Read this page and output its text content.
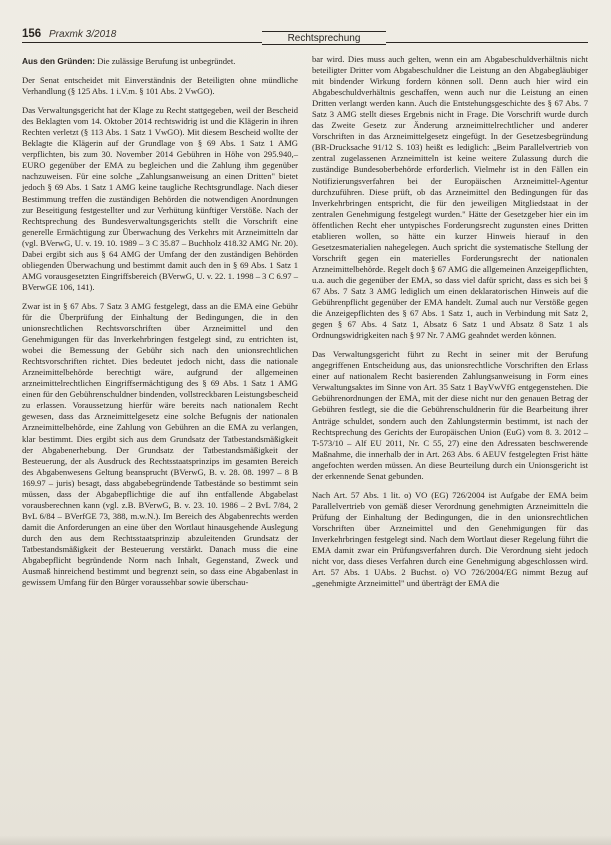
156 Praxmk 3/2018	Rechtsprechung

Aus den Gründen: Die zulässige Berufung ist unbegründet.

Der Senat entscheidet mit Einverständnis der Beteiligten ohne mündliche Verhandlung (§ 125 Abs. 1 i.V.m. § 101 Abs. 2 VwGO).

Das Verwaltungsgericht hat der Klage zu Recht stattgegeben, weil der Bescheid des Beklagten vom 14. Oktober 2014 rechtswidrig ist und die Klägerin in ihren Rechten verletzt (§ 113 Abs. 1 Satz 1 VwGO). Mit diesem Bescheid wollte der Beklagte die Klägerin auf der Grundlage von § 69 Abs. 1 Satz 1 AMG verpflichten, bis zum 30. November 2014 Gebühren in Höhe von 295.940,– EURO gegenüber der EMA zu begleichen und die Zahlung ihm gegenüber nachzuweisen. Für eine solche „Zahlungsanweisung an einen Dritten" bietet jedoch § 69 Abs. 1 Satz 1 AMG keine taugliche Rechtsgrundlage. Nach dieser Bestimmung treffen die zuständigen Behörden die notwendigen Anordnungen zur Beseitigung festgestellter und zur Verhütung künftiger Verstöße. Nach der Rechtsprechung des Bundesverwaltungsgerichts stellt die Vorschrift eine generelle Ermächtigung zur Überwachung des Verkehrs mit Arzneimitteln dar (vgl. BVerwG, U. v. 19. 10. 1989 – 3 C 35.87 – Buchholz 418.32 AMG Nr. 20). Dabei ergibt sich aus § 64 AMG der Umfang der den zuständigen Behörden obliegenden Überwachung und bestimmt damit auch den in § 69 Abs. 1 Satz 1 AMG vorausgesetzten Eingriffsbereich (BVerwG, U. v. 22. 1. 1998 – 3 C 6.97 – BVerwGE 106, 141).

Zwar ist in § 67 Abs. 7 Satz 3 AMG festgelegt, dass an die EMA eine Gebühr für die Überprüfung der Einhaltung der Bedingungen, die in den unionsrechtlichen Rechtsvorschriften über Arzneimittel und den Genehmigungen für das Inverkehrbringen festgelegt sind, zu entrichten ist, wobei die Bemessung der Gebühr sich nach den unionsrechtlichen Rechtsvorschriften richtet. Dies bedeutet jedoch nicht, dass die nationale Arzneimittelbehörde berechtigt wäre, aufgrund der allgemeinen arzneimittelrechtlichen Eingriffsermächtigung des § 69 Abs. 1 Satz 1 AMG einen für den Gebührenschuldner bindenden, vollstreckbaren Leistungsbescheid zu erlassen. Voraussetzung hierfür wäre bereits nach nationalem Recht gewesen, dass das Arzneimittelgesetz eine solche Befugnis der nationalen Arzneimittelbehörde, eine Zahlung von Gebühren an die EMA zu verlangen, klar bestimmt. Dies ergibt sich aus dem Grundsatz der Tatbestandsmäßigkeit der Abgabenerhebung. Der Grundsatz der Tatbestandsmäßigkeit der Besteuerung, der als Ausdruck des Rechtsstaatsprinzips im gesamten Bereich des Abgabenwesens Geltung beansprucht (BVerwG, B. v. 28. 08. 1997 – 8 B 169.97 – juris) besagt, dass abgabebegründende Tatbestände so bestimmt sein müssen, dass der Abgabepflichtige die auf ihn entfallende Abgabelast vorausberechnen kann (vgl. z.B. BVerwG, B. v. 23. 10. 1986 – 2 BvL 7/84, 2 BvL 6/84 – BVerfGE 73, 388, m.w.N.). Im Bereich des Abgabenrechts werden damit die Anforderungen an eine über den Wortlaut hinausgehende Auslegung durch den aus dem Rechtsstaatsprinzip abzuleitenden Grundsatz der Tatbestandsmäßigkeit der Besteuerung verstärkt. Danach muss die eine Abgabepflicht begründende Norm nach Inhalt, Gegenstand, Zweck und Ausmaß hinreichend bestimmt und begrenzt sein, so dass eine Abgabenlast in gewissem Umfang für den Bürger voraussehbar sowie überschau-

bar wird. Dies muss auch gelten, wenn ein am Abgabeschuldverhältnis nicht beteiligter Dritter vom Abgabeschuldner die Leistung an den Abgabegläubiger mit bindender Wirkung fordern können soll. Denn auch hier wird ein Abgabeschuldverhältnis geschaffen, wenn auch nur die Leistung an einen Dritten verlangt werden kann. Auch die Entstehungsgeschichte des § 67 Abs. 7 Satz 3 AMG stellt dieses Ergebnis nicht in Frage. Die Vorschrift wurde durch das Zweite Gesetz zur Änderung arzneimittelrechtlicher und anderer Vorschriften in das Arzneimittelgesetz eingefügt. In der Gesetzesbegründung (BR-Drucksache 91/12 S. 103) heißt es lediglich: „Beim Parallelvertrieb von zentral zugelassenen Arzneimitteln ist keine weitere Zulassung durch die zuständige Bundesoberbehörde erforderlich. Vielmehr ist in den Fällen ein Notifizierungsverfahren bei der Europäischen Arzneimittel-Agentur durchzuführen. Diese prüft, ob das Arzneimittel den Bedingungen für das Inverkehrbringen entspricht, die für den jeweiligen Mitgliedstaat in der zentralen Genehmigung festgelegt wurden." Hätte der Gesetzgeber hier ein im öffentlichen Recht eher untypisches Forderungsrecht zugunsten eines Dritten etablieren wollen, so hätte ein kurzer Hinweis hierauf in den Gesetzesmaterialien nahegelegen. Auch spricht die systematische Stellung der Vorschrift gegen ein materielles Forderungsrecht der nationalen Arzneimittelbehörde. Regelt doch § 67 AMG die allgemeinen Anzeigepflichten, u.a. auch die gegenüber der EMA, so dass viel dafür spricht, dass es sich bei § 67 Abs. 7 Satz 3 AMG lediglich um einen deklaratorischen Hinweis auf die Gebührenpflicht gegenüber der EMA handelt. Zumal auch nur Verstöße gegen die Anzeigepflichten des § 67 Abs. 1 Satz 1, auch in Verbindung mit Satz 2, gegen § 67 Abs. 4 Satz 1, Absatz 6 Satz 1 und Absatz 8 Satz 1 als Ordnungswidrigkeiten nach § 97 Nr. 7 AMG geahndet werden können.

Das Verwaltungsgericht führt zu Recht in seiner mit der Berufung angegriffenen Entscheidung aus, das unionsrechtliche Vorschriften den Erlass einer auf nationalem Recht basierenden Zahlungsanweisung in Form eines Verwaltungsaktes im Sinne von Art. 35 Satz 1 BayVwVfG entgegenstehen. Die Gebührenordnungen der EMA, mit der diese nicht nur den genauen Betrag der Gebühren festlegt, sie die die Gebührenschuldnerin für die Bearbeitung ihrer Anträge schuldet, sondern auch den Zahlungstermin bestimmt, ist nach der Rechtsprechung des Gerichts der Europäischen Union (EuG) vom 8. 3. 2012 – T-573/10 – Alf EU 2011, Nr. C 55, 27) eine den Adressaten beschwerende Maßnahme, die innerhalb der in Art. 263 Abs. 6 AEUV festgelegten Frist hätte angefochten werden müssen. An diese Beurteilung durch ein Unionsgericht ist der erkennende Senat gebunden.

Nach Art. 57 Abs. 1 lit. o) VO (EG) 726/2004 ist Aufgabe der EMA beim Parallelvertrieb von gemäß dieser Verordnung genehmigten Arzneimitteln die Prüfung der Einhaltung der Bedingungen, die in den unionsrechtlichen Vorschriften über Arzneimittel und den Genehmigungen für das Inverkehrbringen festgelegt sind. Nach dem Wortlaut dieser Regelung führt die EMA damit zwar ein Prüfungsverfahren durch. Die Verordnung sieht jedoch nicht vor, dass dieses Verfahren durch eine Genehmigung abgeschlossen wird. Art. 57 Abs. 1 UAbs. 2 Buchst. o) VO 726/2004/EG nimmt Bezug auf „genehmigte Arzneimittel" und überträgt der EMA die
